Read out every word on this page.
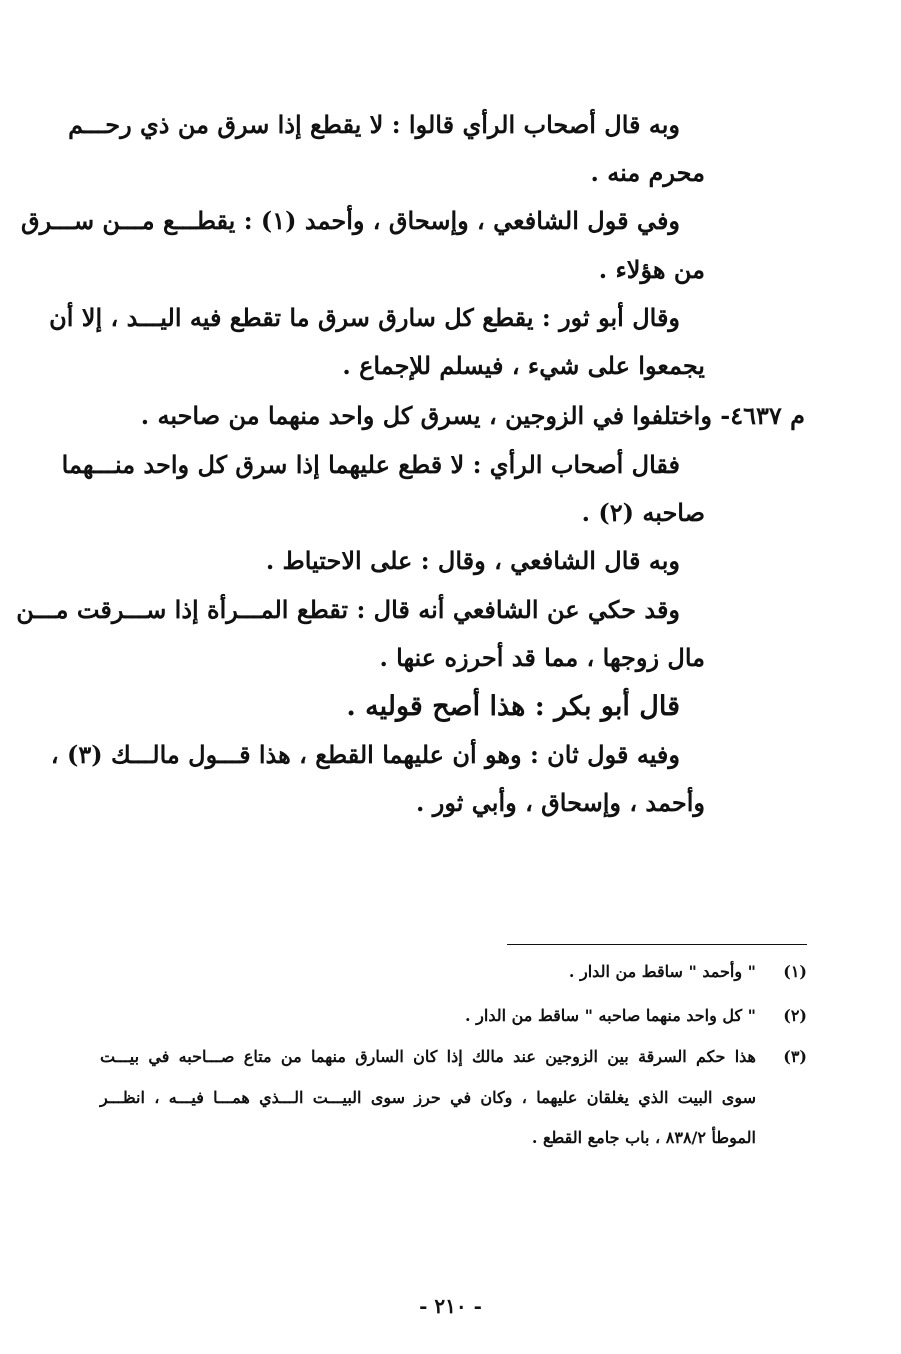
وبه قال أصحاب الرأي قالوا : لا يقطع إذا سرق من ذي رحـــم
محرم منه .
وفي قول الشافعي ، وإسحاق ، وأحمد (١) : يقطـــع مـــن ســـرق
من هؤلاء .
وقال أبو ثور : يقطع كل سارق سرق ما تقطع فيه اليـــد ، إلا أن
يجمعوا على شيء ، فيسلم للإجماع .
م ٤٦٣٧- واختلفوا في الزوجين ، يسرق كل واحد منهما من صاحبه .
فقال أصحاب الرأي : لا قطع عليهما إذا سرق كل واحد منـــهما
صاحبه (٢) .
وبه قال الشافعي ، وقال : على الاحتياط .
وقد حكي عن الشافعي أنه قال : تقطع المـــرأة إذا ســـرقت مـــن
مال زوجها ، مما قد أحرزه عنها .
قال أبو بكر : هذا أصح قوليه .
وفيه قول ثان : وهو أن عليهما القطع ، هذا قـــول مالـــك (٣) ،
وأحمد ، وإسحاق ، وأبي ثور .
(١)
" وأحمد " ساقط من الدار .
(٢)
" كل واحد منهما صاحبه " ساقط من الدار .
(٣)
هذا حكم السرقة بين الزوجين عند مالك إذا كان السارق منهما من متاع صـــاحبه في بيـــت
سوى البيت الذي يغلقان عليهما ، وكان في حرز سوى البيـــت الـــذي همـــا فيـــه ، انظـــر
الموطأ ٨٣٨/٢ ، باب جامع القطع .
- ٢١٠ -
